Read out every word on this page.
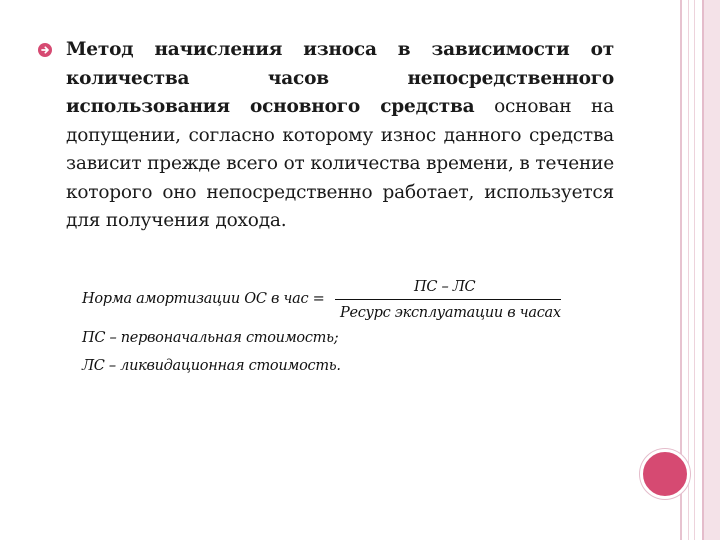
Метод начисления износа в зависимости от количества часов непосредственного использования основного средства основан на допущении, согласно которому износ данного средства зависит прежде всего от количества времени, в течение которого оно непосредственно работает, используется для получения дохода.

Норма амортизации ОС в час =
ПС – ЛС
Ресурс эксплуатации в часах
ПС – первоначальная стоимость;
ЛС – ликвидационная стоимость.
